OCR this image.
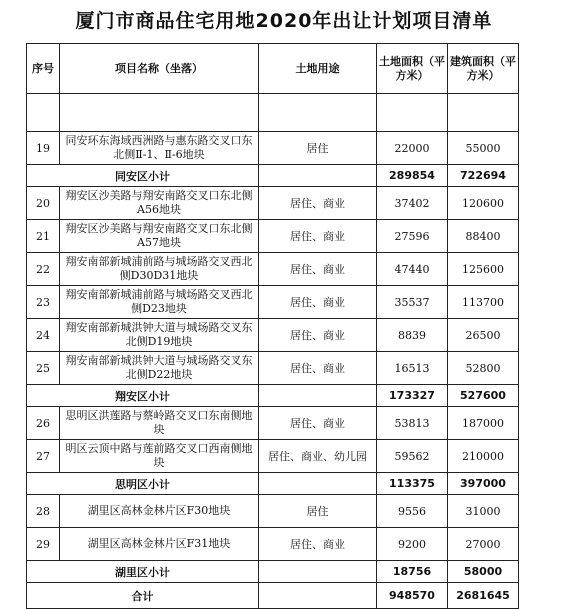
厦门市商品住宅用地2020年出让计划项目清单
序号	项目名称（坐落）	土地用途	土地面积（平方米）	建筑面积（平方米）

19	同安环东海域西洲路与惠东路交叉口东北侧Ⅱ-1、Ⅱ-6地块	居住	22000	55000
同安区小计			289854	722694
20	翔安区沙美路与翔安南路交叉口东北侧A56地块	居住、商业	37402	120600
21	翔安区沙美路与翔安南路交叉口东北侧A57地块	居住、商业	27596	88400
22	翔安南部新城浦前路与城场路交叉西北侧D30D31地块	居住、商业	47440	125600
23	翔安南部新城浦前路与城场路交叉西北侧D23地块	居住、商业	35537	113700
24	翔安南部新城洪钟大道与城场路交叉东北侧D19地块	居住、商业	8839	26500
25	翔安南部新城洪钟大道与城场路交叉东北侧D22地块	居住、商业	16513	52800
翔安区小计			173327	527600
26	思明区洪莲路与蔡岭路交叉口东南侧地块	居住、商业	53813	187000
27	明区云顶中路与莲前路交叉口西南侧地块	居住、商业、幼儿园	59562	210000
思明区小计			113375	397000
28	湖里区高林金林片区F30地块	居住	9556	31000
29	湖里区高林金林片区F31地块	居住、商业	9200	27000
湖里区小计			18756	58000
合计			948570	2681645
